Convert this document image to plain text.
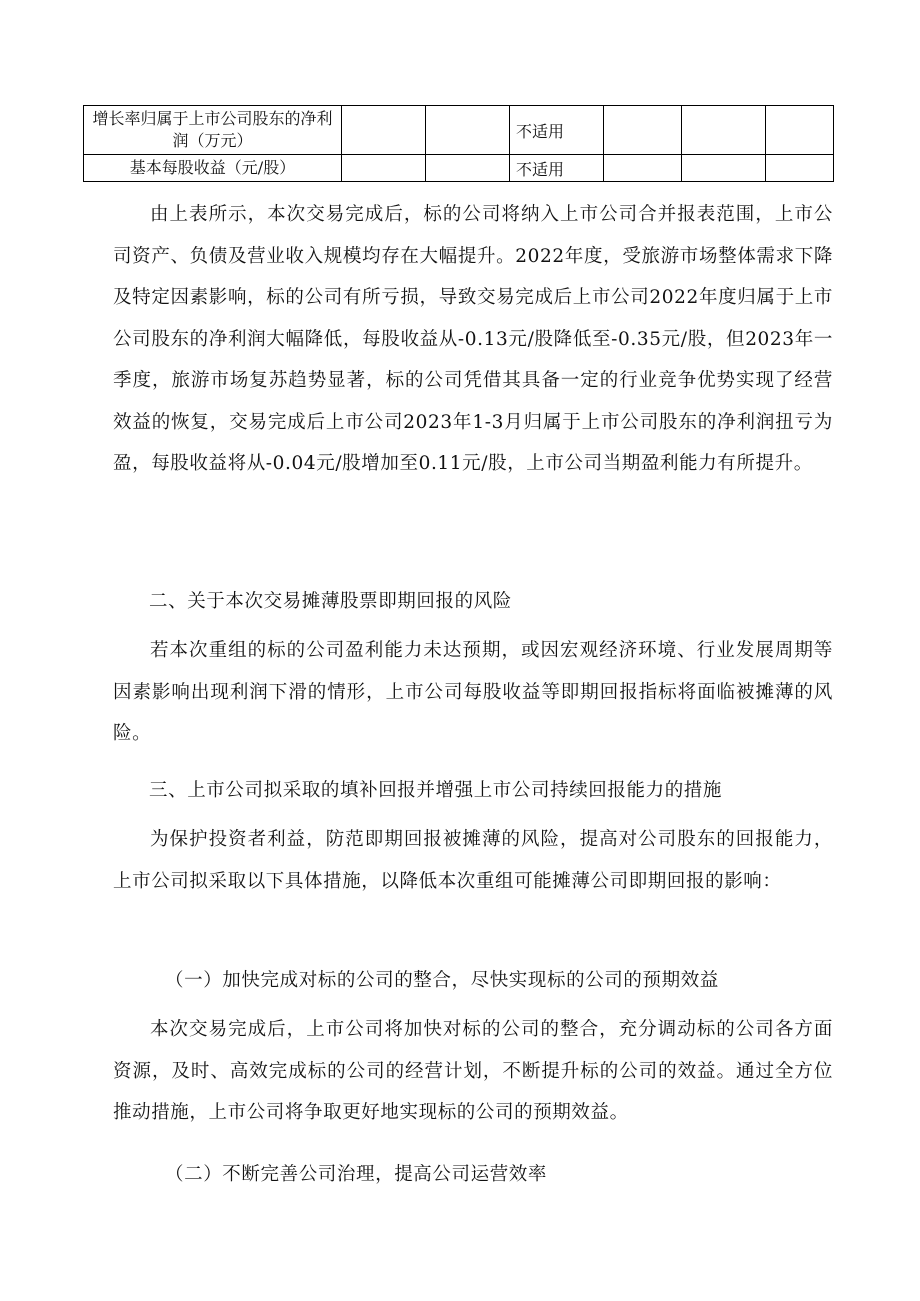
增长率归属于上市公司股东的净利润（万元）			不适用			
基本每股收益（元/股）			不适用			

由上表所示，本次交易完成后，标的公司将纳入上市公司合并报表范围，上市公司资产、负债及营业收入规模均存在大幅提升。2022年度，受旅游市场整体需求下降及特定因素影响，标的公司有所亏损，导致交易完成后上市公司2022年度归属于上市公司股东的净利润大幅降低，每股收益从-0.13元/股降低至-0.35元/股，但2023年一季度，旅游市场复苏趋势显著，标的公司凭借其具备一定的行业竞争优势实现了经营效益的恢复，交易完成后上市公司2023年1-3月归属于上市公司股东的净利润扭亏为盈，每股收益将从-0.04元/股增加至0.11元/股，上市公司当期盈利能力有所提升。

二、关于本次交易摊薄股票即期回报的风险

若本次重组的标的公司盈利能力未达预期，或因宏观经济环境、行业发展周期等因素影响出现利润下滑的情形，上市公司每股收益等即期回报指标将面临被摊薄的风险。

三、上市公司拟采取的填补回报并增强上市公司持续回报能力的措施

为保护投资者利益，防范即期回报被摊薄的风险，提高对公司股东的回报能力，上市公司拟采取以下具体措施，以降低本次重组可能摊薄公司即期回报的影响：

（一）加快完成对标的公司的整合，尽快实现标的公司的预期效益

本次交易完成后，上市公司将加快对标的公司的整合，充分调动标的公司各方面资源，及时、高效完成标的公司的经营计划，不断提升标的公司的效益。通过全方位推动措施，上市公司将争取更好地实现标的公司的预期效益。

（二）不断完善公司治理，提高公司运营效率
